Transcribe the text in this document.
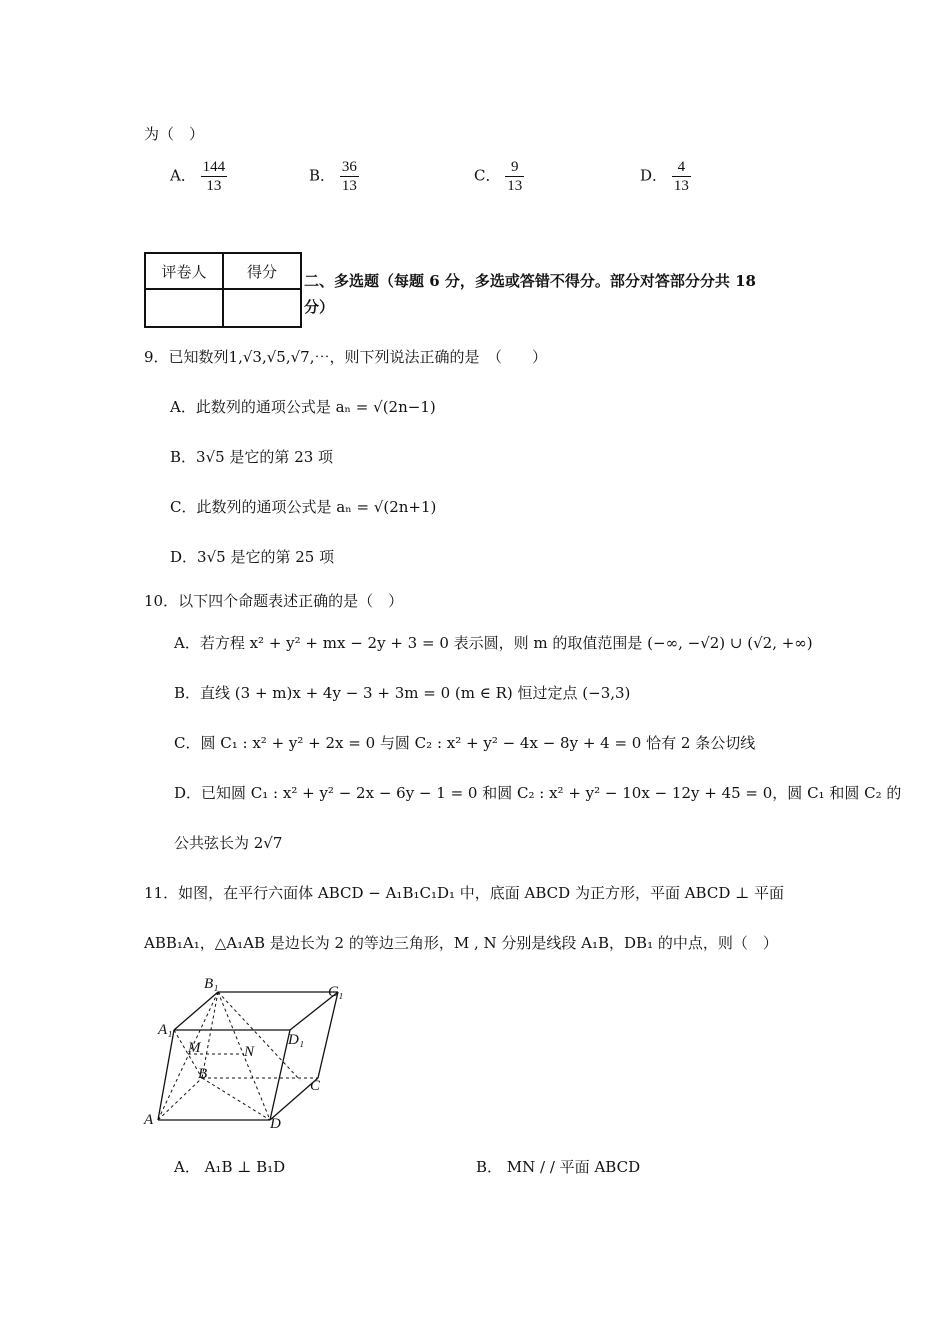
为（　）
A． $\frac{144}{13}$	B． $\frac{36}{13}$	C． $\frac{9}{13}$	D． $\frac{4}{13}$
评卷人	得分

二、多选题（每题 6 分，多选或答错不得分。部分对答部分分共 18
分）
9．已知数列1,√3,√5,√7,⋯，则下列说法正确的是　（　　）
A．此数列的通项公式是 aₙ = √(2n−1)
B．3√5 是它的第 23 项
C．此数列的通项公式是 aₙ = √(2n+1)
D．3√5 是它的第 25 项
10．以下四个命题表述正确的是（　）
A．若方程 x² + y² + mx − 2y + 3 = 0 表示圆，则 m 的取值范围是 (−∞, −√2) ∪ (√2, +∞)
B．直线 (3 + m)x + 4y − 3 + 3m = 0 (m ∈ R) 恒过定点 (−3,3)
C．圆 C₁ : x² + y² + 2x = 0 与圆 C₂ : x² + y² − 4x − 8y + 4 = 0 恰有 2 条公切线
D．已知圆 C₁ : x² + y² − 2x − 6y − 1 = 0 和圆 C₂ : x² + y² − 10x − 12y + 45 = 0，圆 C₁ 和圆 C₂ 的
公共弦长为 2√7
11．如图，在平行六面体 ABCD − A₁B₁C₁D₁ 中，底面 ABCD 为正方形，平面 ABCD ⊥ 平面
ABB₁A₁，△A₁AB 是边长为 2 的等边三角形，M , N 分别是线段 A₁B，DB₁ 的中点，则（　）
B₁	C₁
A₁
D₁
M	N
B
C
A	D
A． A₁B ⊥ B₁D	B． MN / / 平面 ABCD
